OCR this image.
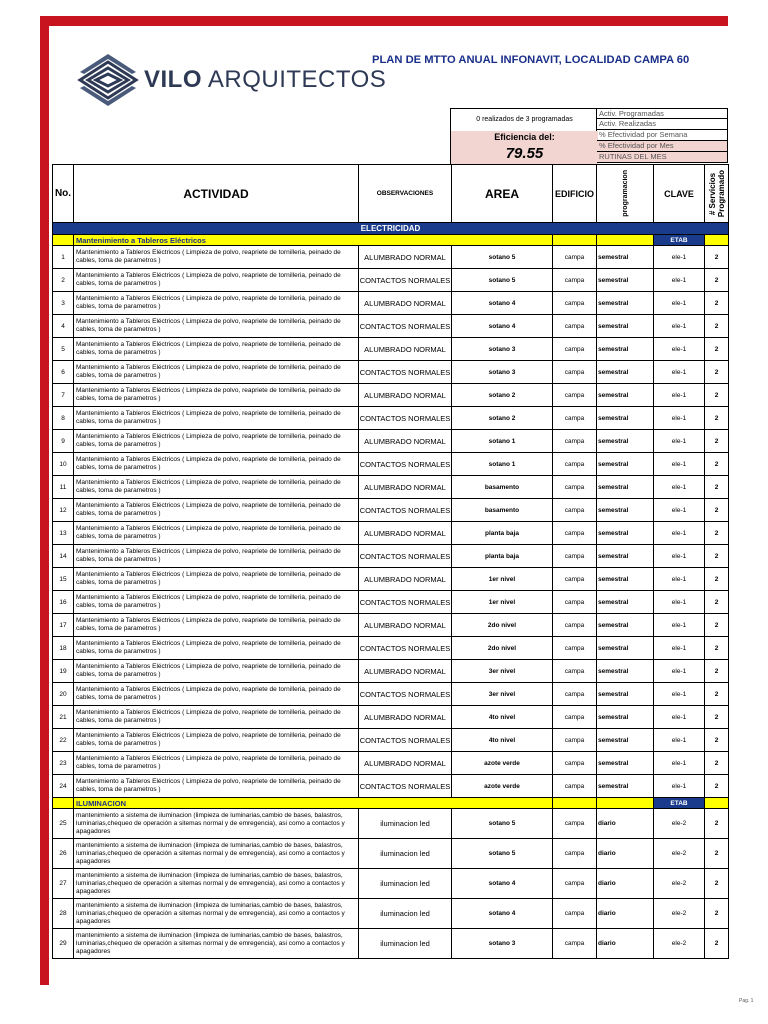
VILO ARQUITECTOS
PLAN DE MTTO ANUAL INFONAVIT, LOCALIDAD CAMPA 60
0 realizados de 3 programadas
Eficiencia del:
79.55
Activ. Programadas
Activ. Realizadas
% Efectividad por Semana
% Efectividad por Mes
RUTINAS DEL MES
No.	ACTIVIDAD	OBSERVACIONES	AREA	EDIFICIO	programacion	CLAVE	# Servicios
Programado

ELECTRICIDAD							
	Mantenimiento a Tableros Eléctricos					ETAB	
1	Mantenimiento a Tableros Eléctricos ( Limpieza de polvo, reapriete de tornilleria, peinado de cables, toma de parametros )	ALUMBRADO NORMAL	sotano 5	campa	semestral	ele-1	2
2	Mantenimiento a Tableros Eléctricos ( Limpieza de polvo, reapriete de tornilleria, peinado de cables, toma de parametros )	CONTACTOS NORMALES	sotano 5	campa	semestral	ele-1	2
3	Mantenimiento a Tableros Eléctricos ( Limpieza de polvo, reapriete de tornilleria, peinado de cables, toma de parametros )	ALUMBRADO NORMAL	sotano 4	campa	semestral	ele-1	2
4	Mantenimiento a Tableros Eléctricos ( Limpieza de polvo, reapriete de tornilleria, peinado de cables, toma de parametros )	CONTACTOS NORMALES	sotano 4	campa	semestral	ele-1	2
5	Mantenimiento a Tableros Eléctricos ( Limpieza de polvo, reapriete de tornilleria, peinado de cables, toma de parametros )	ALUMBRADO NORMAL	sotano 3	campa	semestral	ele-1	2
6	Mantenimiento a Tableros Eléctricos ( Limpieza de polvo, reapriete de tornilleria, peinado de cables, toma de parametros )	CONTACTOS NORMALES	sotano 3	campa	semestral	ele-1	2
7	Mantenimiento a Tableros Eléctricos ( Limpieza de polvo, reapriete de tornilleria, peinado de cables, toma de parametros )	ALUMBRADO NORMAL	sotano 2	campa	semestral	ele-1	2
8	Mantenimiento a Tableros Eléctricos ( Limpieza de polvo, reapriete de tornilleria, peinado de cables, toma de parametros )	CONTACTOS NORMALES	sotano 2	campa	semestral	ele-1	2
9	Mantenimiento a Tableros Eléctricos ( Limpieza de polvo, reapriete de tornilleria, peinado de cables, toma de parametros )	ALUMBRADO NORMAL	sotano 1	campa	semestral	ele-1	2
10	Mantenimiento a Tableros Eléctricos ( Limpieza de polvo, reapriete de tornilleria, peinado de cables, toma de parametros )	CONTACTOS NORMALES	sotano 1	campa	semestral	ele-1	2
11	Mantenimiento a Tableros Eléctricos ( Limpieza de polvo, reapriete de tornilleria, peinado de cables, toma de parametros )	ALUMBRADO NORMAL	basamento	campa	semestral	ele-1	2
12	Mantenimiento a Tableros Eléctricos ( Limpieza de polvo, reapriete de tornilleria, peinado de cables, toma de parametros )	CONTACTOS NORMALES	basamento	campa	semestral	ele-1	2
13	Mantenimiento a Tableros Eléctricos ( Limpieza de polvo, reapriete de tornilleria, peinado de cables, toma de parametros )	ALUMBRADO NORMAL	planta baja	campa	semestral	ele-1	2
14	Mantenimiento a Tableros Eléctricos ( Limpieza de polvo, reapriete de tornilleria, peinado de cables, toma de parametros )	CONTACTOS NORMALES	planta baja	campa	semestral	ele-1	2
15	Mantenimiento a Tableros Eléctricos ( Limpieza de polvo, reapriete de tornilleria, peinado de cables, toma de parametros )	ALUMBRADO NORMAL	1er nivel	campa	semestral	ele-1	2
16	Mantenimiento a Tableros Eléctricos ( Limpieza de polvo, reapriete de tornilleria, peinado de cables, toma de parametros )	CONTACTOS NORMALES	1er nivel	campa	semestral	ele-1	2
17	Mantenimiento a Tableros Eléctricos ( Limpieza de polvo, reapriete de tornilleria, peinado de cables, toma de parametros )	ALUMBRADO NORMAL	2do nivel	campa	semestral	ele-1	2
18	Mantenimiento a Tableros Eléctricos ( Limpieza de polvo, reapriete de tornilleria, peinado de cables, toma de parametros )	CONTACTOS NORMALES	2do nivel	campa	semestral	ele-1	2
19	Mantenimiento a Tableros Eléctricos ( Limpieza de polvo, reapriete de tornilleria, peinado de cables, toma de parametros )	ALUMBRADO NORMAL	3er nivel	campa	semestral	ele-1	2
20	Mantenimiento a Tableros Eléctricos ( Limpieza de polvo, reapriete de tornilleria, peinado de cables, toma de parametros )	CONTACTOS NORMALES	3er nivel	campa	semestral	ele-1	2
21	Mantenimiento a Tableros Eléctricos ( Limpieza de polvo, reapriete de tornilleria, peinado de cables, toma de parametros )	ALUMBRADO NORMAL	4to nivel	campa	semestral	ele-1	2
22	Mantenimiento a Tableros Eléctricos ( Limpieza de polvo, reapriete de tornilleria, peinado de cables, toma de parametros )	CONTACTOS NORMALES	4to nivel	campa	semestral	ele-1	2
23	Mantenimiento a Tableros Eléctricos ( Limpieza de polvo, reapriete de tornilleria, peinado de cables, toma de parametros )	ALUMBRADO NORMAL	azote verde	campa	semestral	ele-1	2
24	Mantenimiento a Tableros Eléctricos ( Limpieza de polvo, reapriete de tornilleria, peinado de cables, toma de parametros )	CONTACTOS NORMALES	azote verde	campa	semestral	ele-1	2
	ILUMINACION					ETAB	
25	mantenimiento a sistema de iluminacion (limpieza de luminarias,cambio de bases, balastros, luminarias,chequeo de operación a sitemas normal y de emregencia), asi como a contactos y apagadores	iluminacion led	sotano 5	campa	diario	ele-2	2
26	mantenimiento a sistema de iluminacion (limpieza de luminarias,cambio de bases, balastros, luminarias,chequeo de operación a sitemas normal y de emregencia), asi como a contactos y apagadores	iluminacion led	sotano 5	campa	diario	ele-2	2
27	mantenimiento a sistema de iluminacion (limpieza de luminarias,cambio de bases, balastros, luminarias,chequeo de operación a sitemas normal y de emregencia), asi como a contactos y apagadores	iluminacion led	sotano 4	campa	diario	ele-2	2
28	mantenimiento a sistema de iluminacion (limpieza de luminarias,cambio de bases, balastros, luminarias,chequeo de operación a sitemas normal y de emregencia), asi como a contactos y apagadores	iluminacion led	sotano 4	campa	diario	ele-2	2
29	mantenimiento a sistema de iluminacion (limpieza de luminarias,cambio de bases, balastros, luminarias,chequeo de operación a sitemas normal y de emregencia), asi como a contactos y apagadores	iluminacion led	sotano 3	campa	diario	ele-2	2
Pag. 1
